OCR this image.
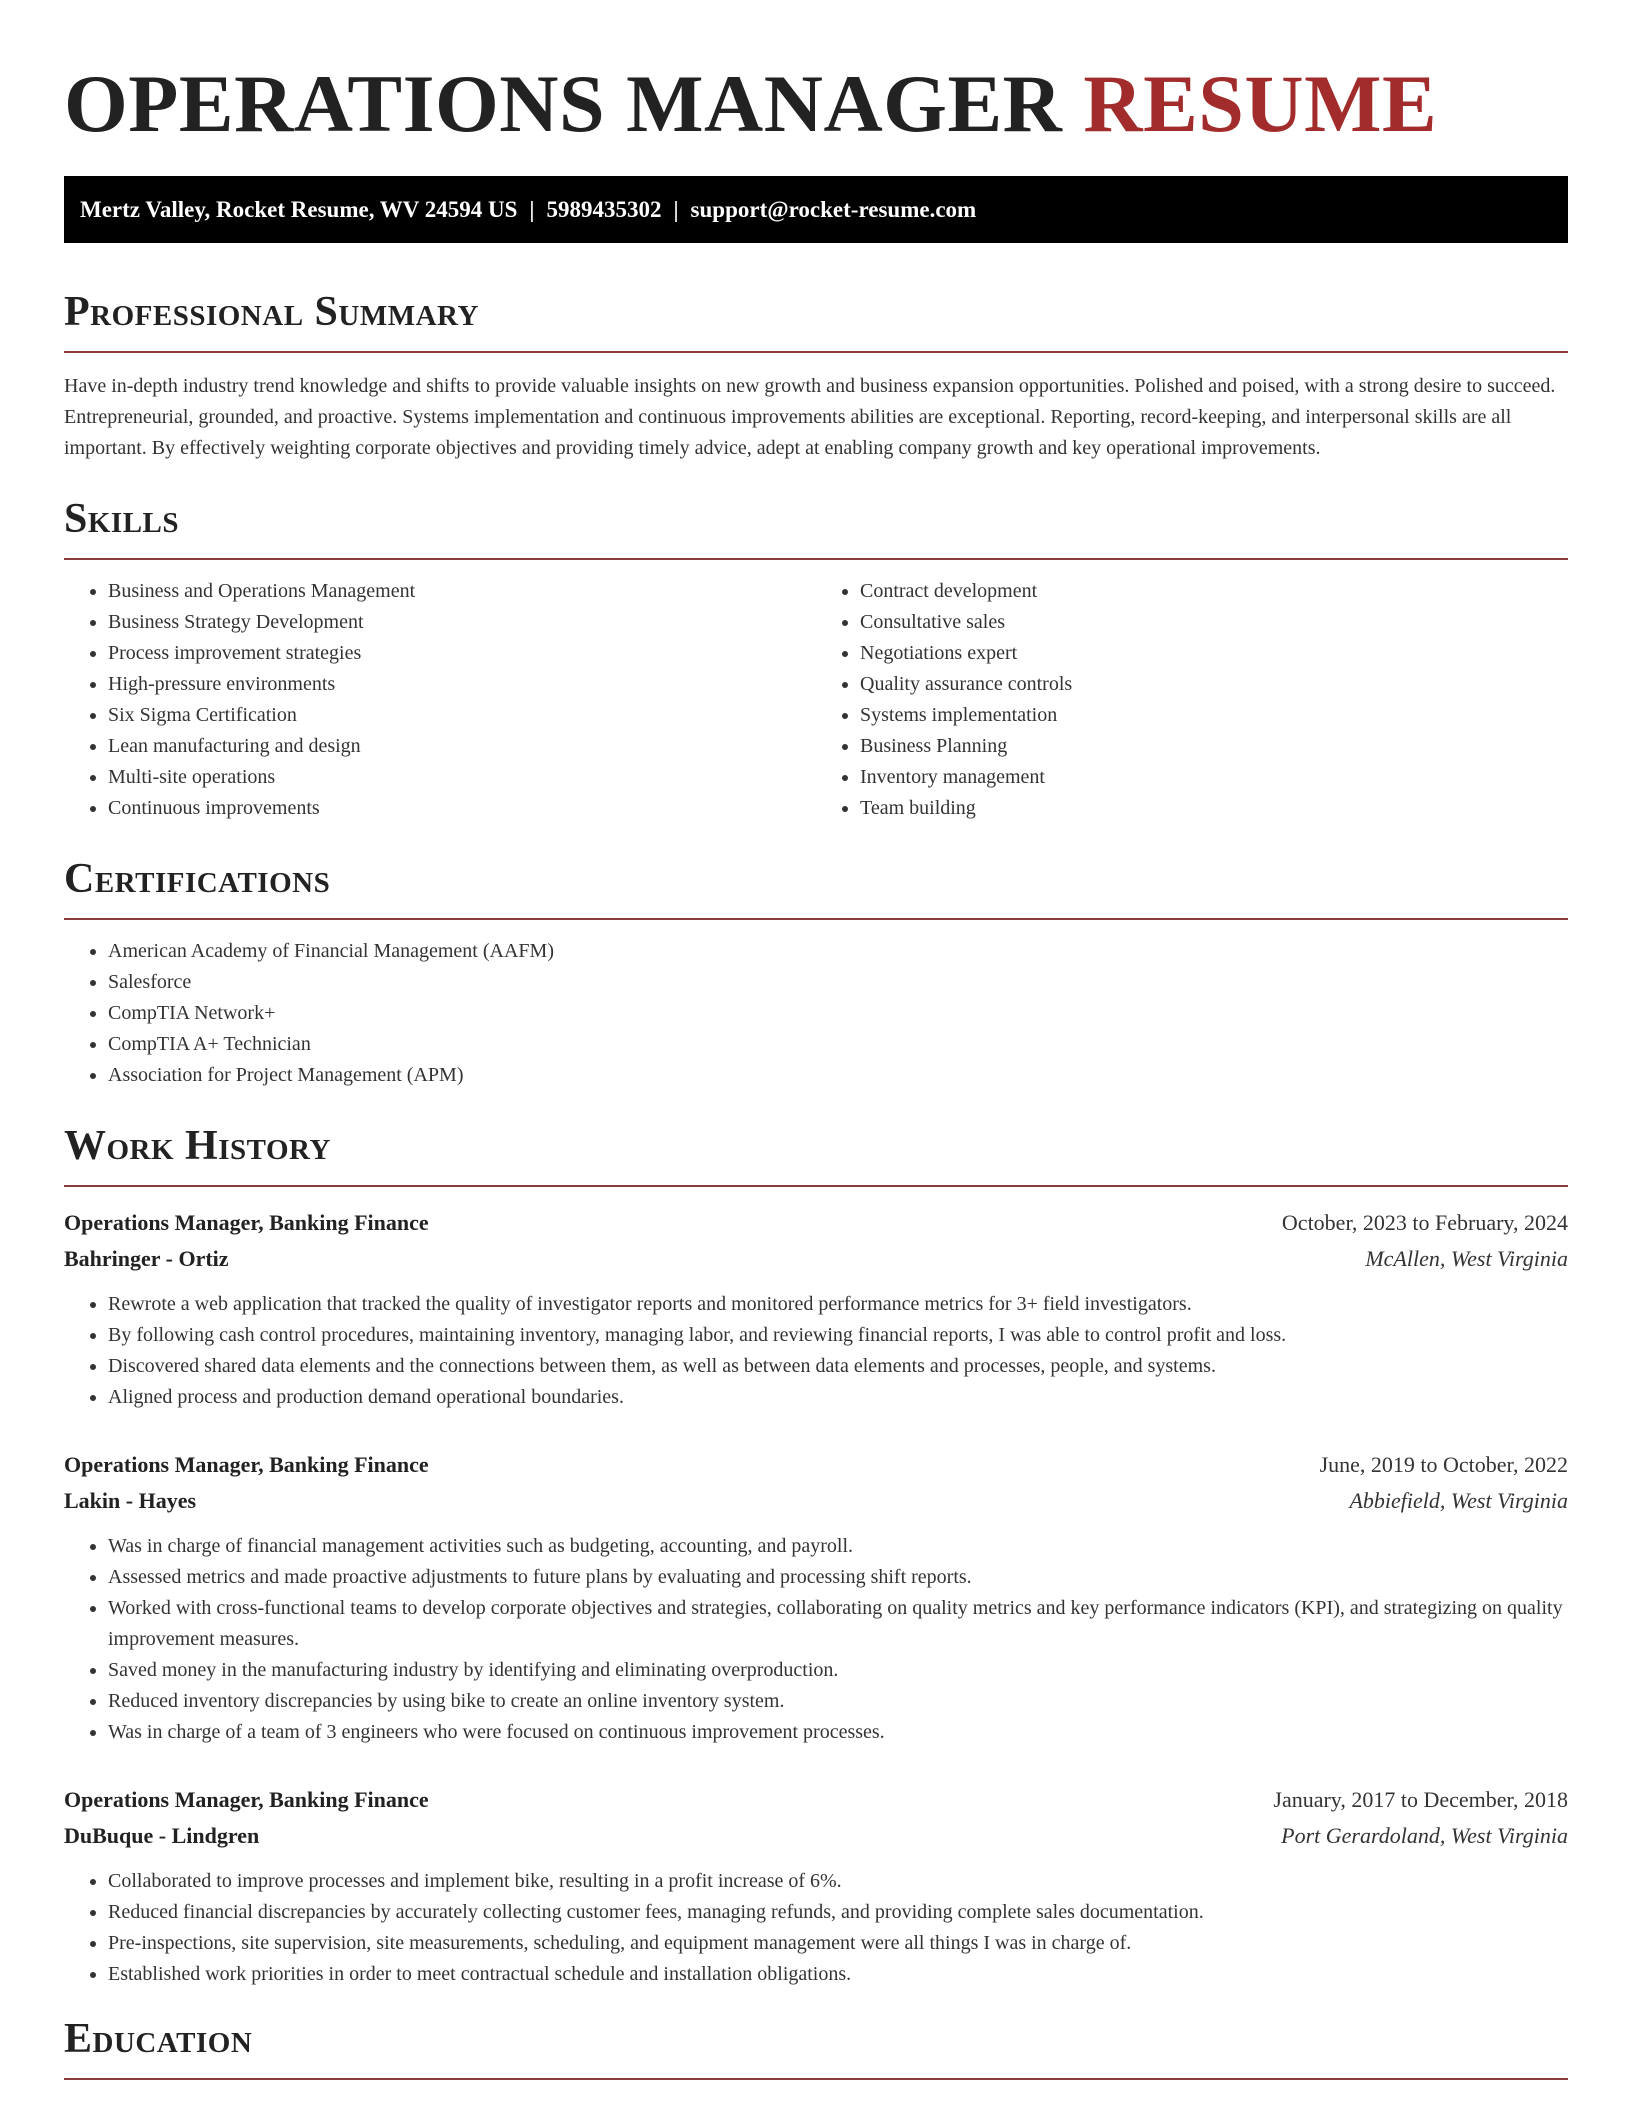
OPERATIONS MANAGER RESUME
Mertz Valley, Rocket Resume, WV 24594 US | 5989435302 | support@rocket-resume.com
Professional Summary

Have in-depth industry trend knowledge and shifts to provide valuable insights on new growth and business expansion opportunities. Polished and poised, with a strong desire to succeed. Entrepreneurial, grounded, and proactive. Systems implementation and continuous improvements abilities are exceptional. Reporting, record-keeping, and interpersonal skills are all important. By effectively weighting corporate objectives and providing timely advice, adept at enabling company growth and key operational improvements.

Skills
• Business and Operations Management
• Business Strategy Development
• Process improvement strategies
• High-pressure environments
• Six Sigma Certification
• Lean manufacturing and design
• Multi-site operations
• Continuous improvements
• Contract development
• Consultative sales
• Negotiations expert
• Quality assurance controls
• Systems implementation
• Business Planning
• Inventory management
• Team building
Certifications
• American Academy of Financial Management (AAFM)
• Salesforce
• CompTIA Network+
• CompTIA A+ Technician
• Association for Project Management (APM)
Work History
Operations Manager, Banking Finance	October, 2023 to February, 2024
Bahringer - Ortiz	McAllen, West Virginia
• Rewrote a web application that tracked the quality of investigator reports and monitored performance metrics for 3+ field investigators.
• By following cash control procedures, maintaining inventory, managing labor, and reviewing financial reports, I was able to control profit and loss.
• Discovered shared data elements and the connections between them, as well as between data elements and processes, people, and systems.
• Aligned process and production demand operational boundaries.
Operations Manager, Banking Finance	June, 2019 to October, 2022
Lakin - Hayes	Abbiefield, West Virginia
• Was in charge of financial management activities such as budgeting, accounting, and payroll.
• Assessed metrics and made proactive adjustments to future plans by evaluating and processing shift reports.
• Worked with cross-functional teams to develop corporate objectives and strategies, collaborating on quality metrics and key performance indicators (KPI), and strategizing on quality improvement measures.
• Saved money in the manufacturing industry by identifying and eliminating overproduction.
• Reduced inventory discrepancies by using bike to create an online inventory system.
• Was in charge of a team of 3 engineers who were focused on continuous improvement processes.
Operations Manager, Banking Finance	January, 2017 to December, 2018
DuBuque - Lindgren	Port Gerardoland, West Virginia
• Collaborated to improve processes and implement bike, resulting in a profit increase of 6%.
• Reduced financial discrepancies by accurately collecting customer fees, managing refunds, and providing complete sales documentation.
• Pre-inspections, site supervision, site measurements, scheduling, and equipment management were all things I was in charge of.
• Established work priorities in order to meet contractual schedule and installation obligations.
Education
